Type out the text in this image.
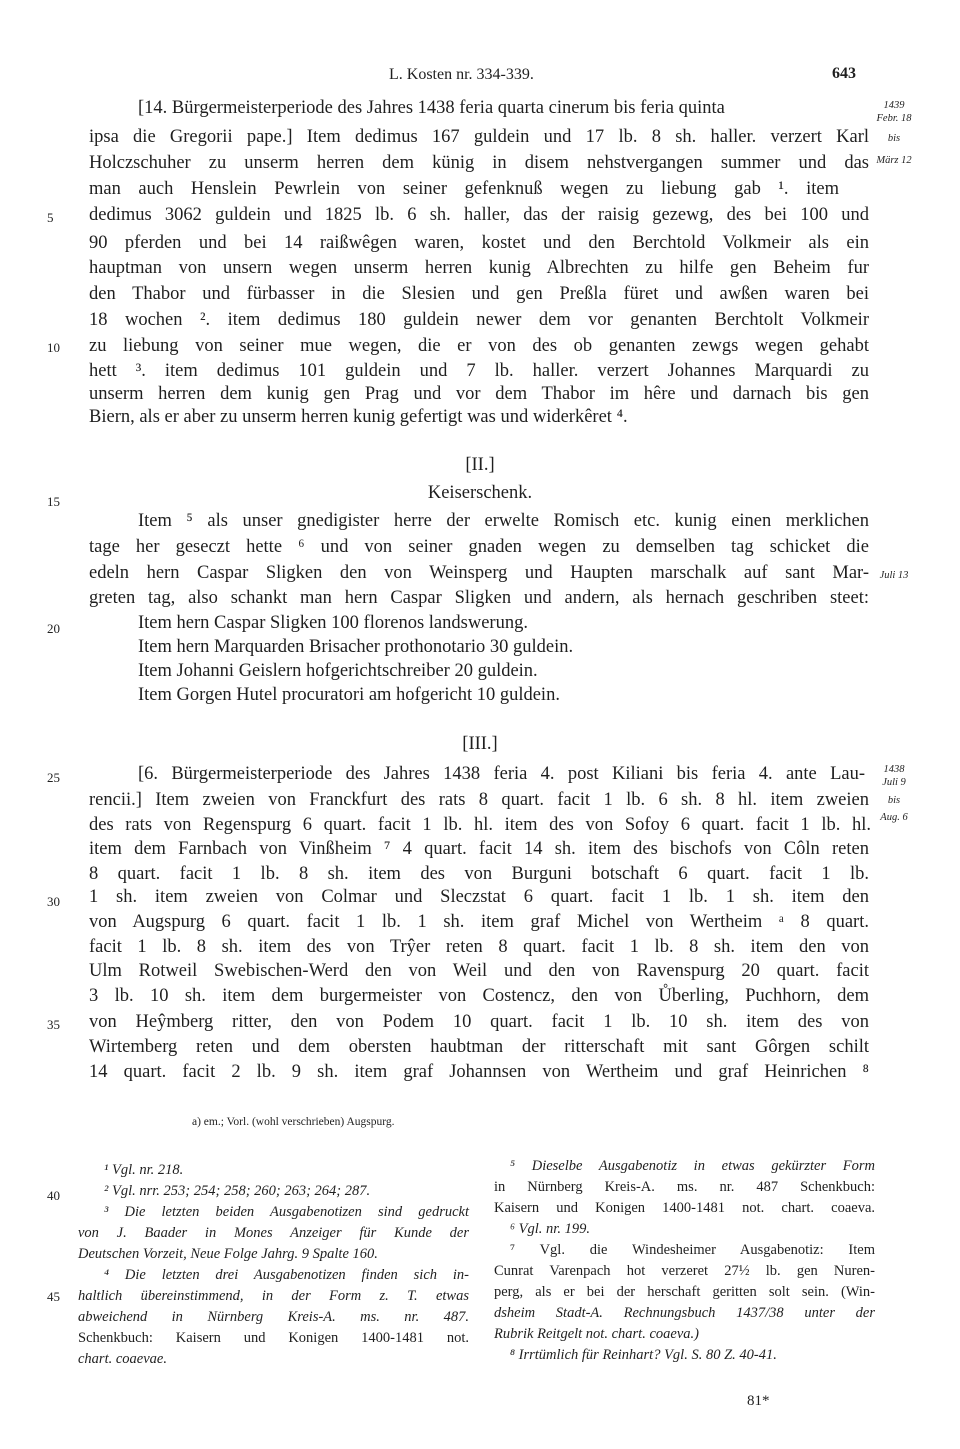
L. Kosten nr. 334-339.	643
[14. Bürgermeisterperiode des Jahres 1438 feria quarta cinerum bis feria quinta
ipsa die Gregorii pape.] Item dedimus 167 guldein und 17 lb. 8 sh. haller. verzert Karl
Holczschuher zu unserm herren dem künig in disem nehstvergangen summer und das
man auch Henslein Pewrlein von seiner gefenknuß wegen zu liebung gab ¹. item
dedimus 3062 guldein und 1825 lb. 6 sh. haller, das der raisig gezewg, des bei 100 und
90 pferden und bei 14 raißwêgen waren, kostet und den Berchtold Volkmeir als ein
hauptman von unsern wegen unserm herren kunig Albrechten zu hilfe gen Beheim fur
den Thabor und fürbasser in die Slesien und gen Preßla füret und awßen waren bei
18 wochen ². item dedimus 180 guldein newer dem vor genanten Berchtolt Volkmeir
zu liebung von seiner mue wegen, die er von des ob genanten zewgs wegen gehabt
hett ³. item dedimus 101 guldein und 7 lb. haller. verzert Johannes Marquardi zu
unserm herren dem kunig gen Prag und vor dem Thabor im hêre und darnach bis gen
Biern, als er aber zu unserm herren kunig gefertigt was und widerkêret ⁴.
1439
Febr. 18
bis
März 12
[II.]
Keiserschenk.
Item ⁵ als unser gnedigister herre der erwelte Romisch etc. kunig einen merklichen
tage her geseczt hette ⁶ und von seiner gnaden wegen zu demselben tag schicket die
edeln hern Caspar Sligken den von Weinsperg und Haupten marschalk auf sant Mar-
greten tag, also schankt man hern Caspar Sligken und andern, als hernach geschriben steet:
Item hern Caspar Sligken 100 florenos landswerung.
Item hern Marquarden Brisacher prothonotario 30 guldein.
Item Johanni Geislern hofgerichtschreiber 20 guldein.
Item Gorgen Hutel procuratori am hofgericht 10 guldein.
Juli 13
[III.]
[6. Bürgermeisterperiode des Jahres 1438 feria 4. post Kiliani bis feria 4. ante Lau-
rencii.] Item zweien von Franckfurt des rats 8 quart. facit 1 lb. 6 sh. 8 hl. item zweien
des rats von Regenspurg 6 quart. facit 1 lb. hl. item des von Sofoy 6 quart. facit 1 lb. hl.
item dem Farnbach von Vinßheim ⁷ 4 quart. facit 14 sh. item des bischofs von Côln reten
8 quart. facit 1 lb. 8 sh. item des von Burguni botschaft 6 quart. facit 1 lb.
1 sh. item zweien von Colmar und Sleczstat 6 quart. facit 1 lb. 1 sh. item den
von Augspurg 6 quart. facit 1 lb. 1 sh. item graf Michel von Wertheim ᵃ 8 quart.
facit 1 lb. 8 sh. item des von Trŷer reten 8 quart. facit 1 lb. 8 sh. item den von
Ulm Rotweil Swebischen-Werd den von Weil und den von Ravenspurg 20 quart. facit
3 lb. 10 sh. item dem burgermeister von Costencz, den von Ůberling, Puchhorn, dem
von Heŷmberg ritter, den von Podem 10 quart. facit 1 lb. 10 sh. item des von
Wirtemberg reten und dem obersten haubtman der ritterschaft mit sant Gôrgen schilt
14 quart. facit 2 lb. 9 sh. item graf Johannsen von Wertheim und graf Heinrichen ⁸
1438
Juli 9
bis
Aug. 6
5
10
15
20
25
30
35
40
45
a) em.; Vorl. (wohl verschrieben) Augspurg.
¹ Vgl. nr. 218.
² Vgl. nrr. 253; 254; 258; 260; 263; 264; 287.
³ Die letzten beiden Ausgabenotizen sind gedruckt
von J. Baader in Mones Anzeiger für Kunde der
Deutschen Vorzeit, Neue Folge Jahrg. 9 Spalte 160.
⁴ Die letzten drei Ausgabenotizen finden sich in-
haltlich übereinstimmend, in der Form z. T. etwas
abweichend in Nürnberg Kreis-A. ms. nr. 487.
Schenkbuch: Kaisern und Konigen 1400-1481 not.
chart. coaevae.
⁵ Dieselbe Ausgabenotiz in etwas gekürzter Form
in Nürnberg Kreis-A. ms. nr. 487 Schenkbuch:
Kaisern und Konigen 1400-1481 not. chart. coaeva.
⁶ Vgl. nr. 199.
⁷ Vgl. die Windesheimer Ausgabenotiz: Item
Cunrat Varenpach hot verzeret 27½ lb. gen Nuren-
perg, als er bei der herschaft geritten solt sein. (Win-
dsheim Stadt-A. Rechnungsbuch 1437/38 unter der
Rubrik Reitgelt not. chart. coaeva.)
⁸ Irrtümlich für Reinhart? Vgl. S. 80 Z. 40-41.
81*
